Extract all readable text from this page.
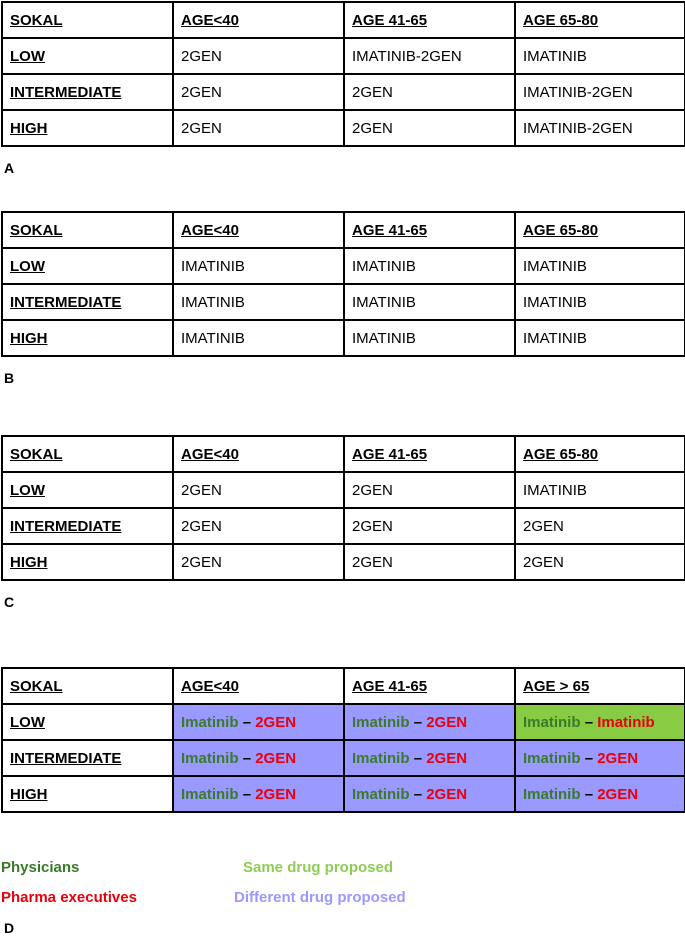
SOKAL	AGE<40	AGE 41-65	AGE 65-80
LOW	2GEN	IMATINIB-2GEN	IMATINIB
INTERMEDIATE	2GEN	2GEN	IMATINIB-2GEN
HIGH	2GEN	2GEN	IMATINIB-2GEN
A
SOKAL	AGE<40	AGE 41-65	AGE 65-80
LOW	IMATINIB	IMATINIB	IMATINIB
INTERMEDIATE	IMATINIB	IMATINIB	IMATINIB
HIGH	IMATINIB	IMATINIB	IMATINIB
B
SOKAL	AGE<40	AGE 41-65	AGE 65-80
LOW	2GEN	2GEN	IMATINIB
INTERMEDIATE	2GEN	2GEN	2GEN
HIGH	2GEN	2GEN	2GEN
C
SOKAL	AGE<40	AGE 41-65	AGE > 65
LOW	Imatinib – 2GEN	Imatinib – 2GEN	Imatinib – Imatinib
INTERMEDIATE	Imatinib – 2GEN	Imatinib – 2GEN	Imatinib – 2GEN
HIGH	Imatinib – 2GEN	Imatinib – 2GEN	Imatinib – 2GEN
Physicians
Pharma executives
Same drug proposed
Different drug proposed
D
